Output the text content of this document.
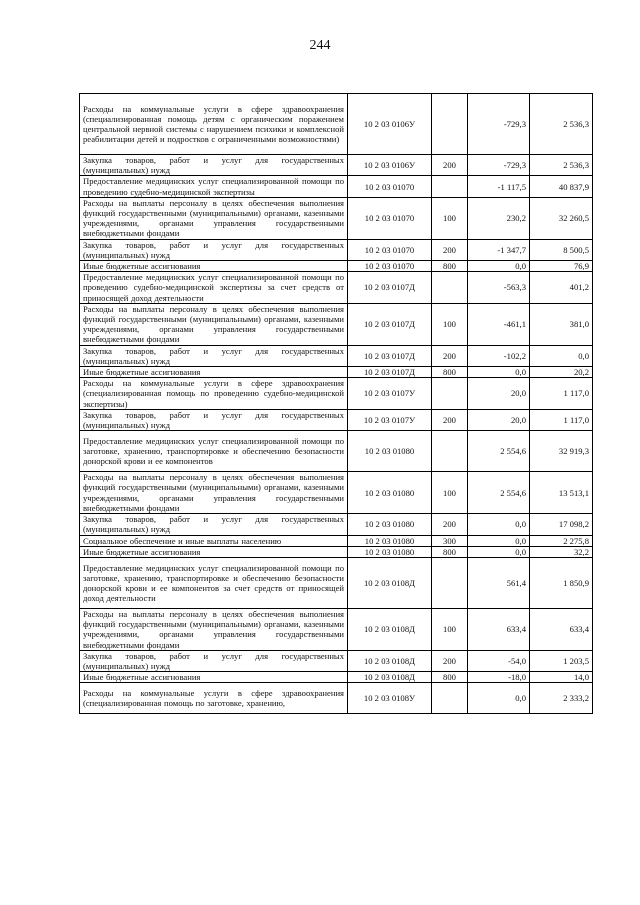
244
Расходы на коммунальные услуги в сфере здравоохранения (специализированная помощь детям с органическим поражением центральной нервной системы с нарушением психики и комплексной реабилитации детей и подростков с ограниченными возможностями)	10 2 03 0106У		-729,3	2 536,3
Закупка товаров, работ и услуг для государственных (муниципальных) нужд	10 2 03 0106У	200	-729,3	2 536,3
Предоставление медицинских услуг специализированной помощи по проведению судебно-медицинской экспертизы	10 2 03 01070		-1 117,5	40 837,9
Расходы на выплаты персоналу в целях обеспечения выполнения функций государственными (муниципальными) органами, казенными учреждениями, органами управления государственными внебюджетными фондами	10 2 03 01070	100	230,2	32 260,5
Закупка товаров, работ и услуг для государственных (муниципальных) нужд	10 2 03 01070	200	-1 347,7	8 500,5
Иные бюджетные ассигнования	10 2 03 01070	800	0,0	76,9
Предоставление медицинских услуг специализированной помощи по проведению судебно-медицинской экспертизы за счет средств от приносящей доход деятельности	10 2 03 0107Д		-563,3	401,2
Расходы на выплаты персоналу в целях обеспечения выполнения функций государственными (муниципальными) органами, казенными учреждениями, органами управления государственными внебюджетными фондами	10 2 03 0107Д	100	-461,1	381,0
Закупка товаров, работ и услуг для государственных (муниципальных) нужд	10 2 03 0107Д	200	-102,2	0,0
Иные бюджетные ассигнования	10 2 03 0107Д	800	0,0	20,2
Расходы на коммунальные услуги в сфере здравоохранения (специализированная помощь по проведению судебно-медицинской экспертизы)	10 2 03 0107У		20,0	1 117,0
Закупка товаров, работ и услуг для государственных (муниципальных) нужд	10 2 03 0107У	200	20,0	1 117,0
Предоставление медицинских услуг специализированной помощи по заготовке, хранению, транспортировке и обеспечению безопасности донорской крови и ее компонентов	10 2 03 01080		2 554,6	32 919,3
Расходы на выплаты персоналу в целях обеспечения выполнения функций государственными (муниципальными) органами, казенными учреждениями, органами управления государственными внебюджетными фондами	10 2 03 01080	100	2 554,6	13 513,1
Закупка товаров, работ и услуг для государственных (муниципальных) нужд	10 2 03 01080	200	0,0	17 098,2
Социальное обеспечение и иные выплаты населению	10 2 03 01080	300	0,0	2 275,8
Иные бюджетные ассигнования	10 2 03 01080	800	0,0	32,2
Предоставление медицинских услуг специализированной помощи по заготовке, хранению, транспортировке и обеспечению безопасности донорской крови и ее компонентов за счет средств от приносящей доход деятельности	10 2 03 0108Д		561,4	1 850,9
Расходы на выплаты персоналу в целях обеспечения выполнения функций государственными (муниципальными) органами, казенными учреждениями, органами управления государственными внебюджетными фондами	10 2 03 0108Д	100	633,4	633,4
Закупка товаров, работ и услуг для государственных (муниципальных) нужд	10 2 03 0108Д	200	-54,0	1 203,5
Иные бюджетные ассигнования	10 2 03 0108Д	800	-18,0	14,0
Расходы на коммунальные услуги в сфере здравоохранения (специализированная помощь по заготовке, хранению,	10 2 03 0108У		0,0	2 333,2
